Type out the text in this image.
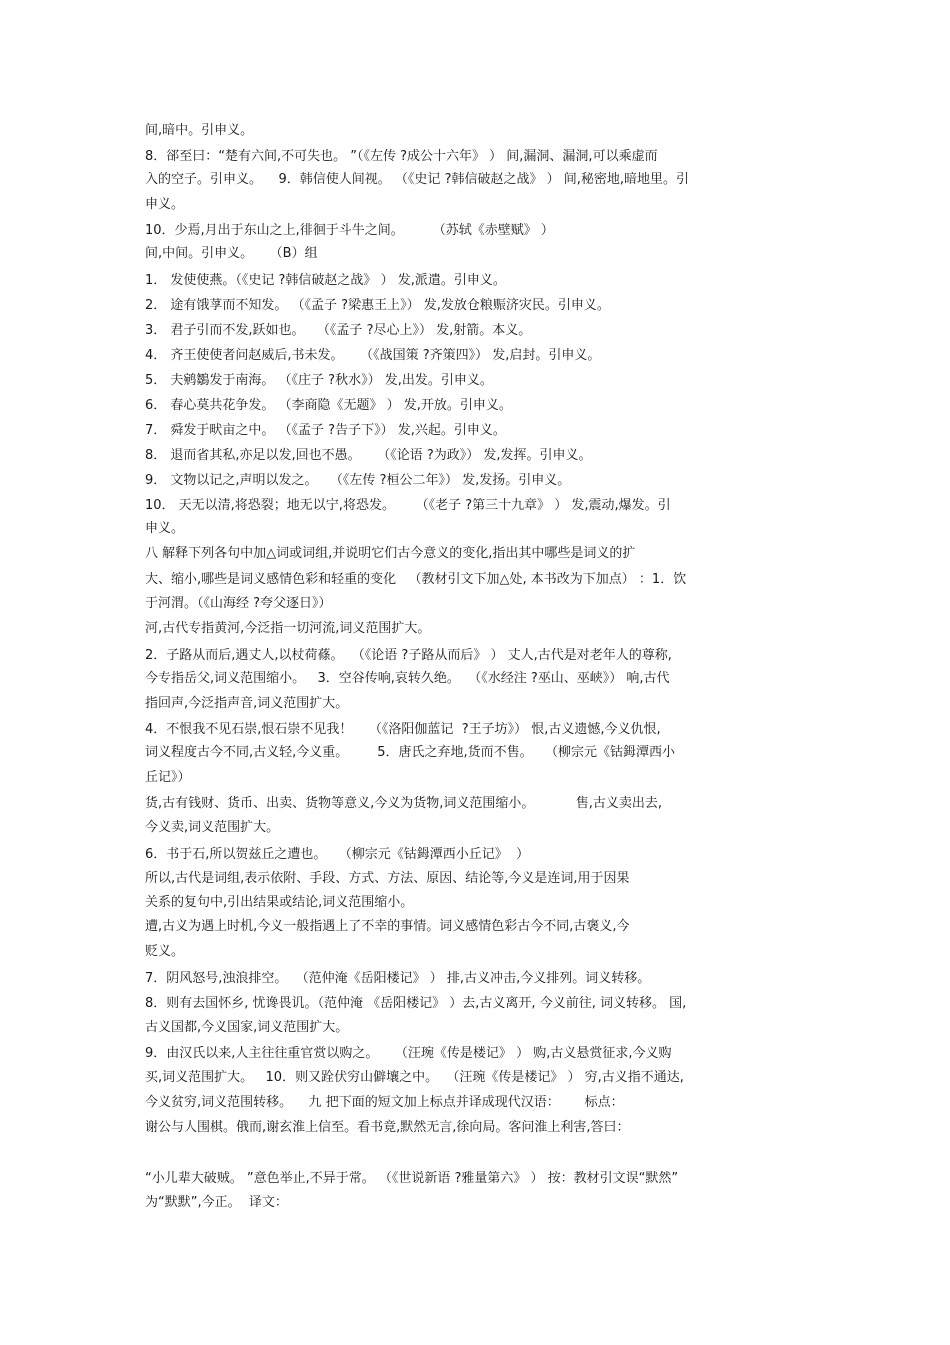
间,暗中。引申义。

8．郤至曰：“楚有六间,不可失也。 ”（《左传 ?成公十六年》 ） 间,漏洞、漏洞,可以乘虚而

入的空子。引申义。    9．韩信使人间视。 （《史记 ?韩信破赵之战》 ） 间,秘密地,暗地里。引

申义。

10．少焉,月出于东山之上,徘徊于斗牛之间。       （苏轼《赤壁赋》 ）

间,中间。引申义。    （B）组

1． 发使使燕。（《史记 ?韩信破赵之战》 ） 发,派遣。引申义。

2． 途有饿莩而不知发。 （《孟子 ?梁惠王上》） 发,发放仓粮赈济灾民。引申义。

3． 君子引而不发,跃如也。   （《孟子 ?尽心上》） 发,射箭。本义。

4． 齐王使使者问赵威后,书未发。    （《战国策 ?齐策四》） 发,启封。引申义。

5． 夫鹓鶵发于南海。 （《庄子 ?秋水》） 发,出发。引申义。

6． 春心莫共花争发。 （李商隐《无题》 ） 发,开放。引申义。

7． 舜发于畎亩之中。 （《孟子 ?告子下》） 发,兴起。引申义。

8． 退而省其私,亦足以发,回也不愚。    （《论语 ?为政》） 发,发挥。引申义。

9． 文物以记之,声明以发之。   （《左传 ?桓公二年》） 发,发扬。引申义。

10． 天无以清,将恐裂；地无以宁,将恐发。     （《老子 ?第三十九章》 ） 发,震动,爆发。引

申义。

八 解释下列各句中加△词或词组,并说明它们古今意义的变化,指出其中哪些是词义的扩

大、缩小,哪些是词义感情色彩和轻重的变化   （教材引文下加△处, 本书改为下加点） ：1．饮

于河渭。（《山海经 ?夸父逐日》）

河,古代专指黄河,今泛指一切河流,词义范围扩大。

2．子路从而后,遇丈人,以杖荷蓧。  （《论语 ?子路从而后》 ） 丈人,古代是对老年人的尊称,

今专指岳父,词义范围缩小。   3．空谷传响,哀转久绝。  （《水经注 ?巫山、巫峡》） 响,古代

指回声,今泛指声音,词义范围扩大。

4．不恨我不见石崇,恨石崇不见我！    （《洛阳伽蓝记  ?王子坊》） 恨,古义遗憾,今义仇恨,

词义程度古今不同,古义轻,今义重。       5．唐氏之弃地,货而不售。   （柳宗元《钴鉧潭西小

丘记》）

货,古有钱财、货币、出卖、货物等意义,今义为货物,词义范围缩小。          售,古义卖出去,

今义卖,词义范围扩大。

6．书于石,所以贺兹丘之遭也。   （柳宗元《钴鉧潭西小丘记》  ）

所以,古代是词组,表示依附、手段、方式、方法、原因、结论等,今义是连词,用于因果

关系的复句中,引出结果或结论,词义范围缩小。

遭,古义为遇上时机,今义一般指遇上了不幸的事情。词义感情色彩古今不同,古褒义,今

贬义。

7．阴风怒号,浊浪排空。  （范仲淹《岳阳楼记》 ） 排,古义冲击,今义排列。词义转移。

8．则有去国怀乡, 忧谗畏讥。（范仲淹 《岳阳楼记》 ）去,古义离开, 今义前往, 词义转移。 国,

古义国都,今义国家,词义范围扩大。

9．由汉氏以来,人主往往重官赏以购之。    （汪琬《传是楼记》 ） 购,古义悬赏征求,今义购

买,词义范围扩大。   10．则又跧伏穷山僻壤之中。  （汪琬《传是楼记》 ） 穷,古义指不通达,

今义贫穷,词义范围转移。    九 把下面的短文加上标点并译成现代汉语：      标点：

谢公与人围棋。俄而,谢玄淮上信至。看书竟,默然无言,徐向局。客问淮上利害,答曰：

“小儿辈大破贼。 ”意色举止,不异于常。 （《世说新语 ?雅量第六》 ） 按：教材引文误“默然”

为“默默”,今正。  译文：
